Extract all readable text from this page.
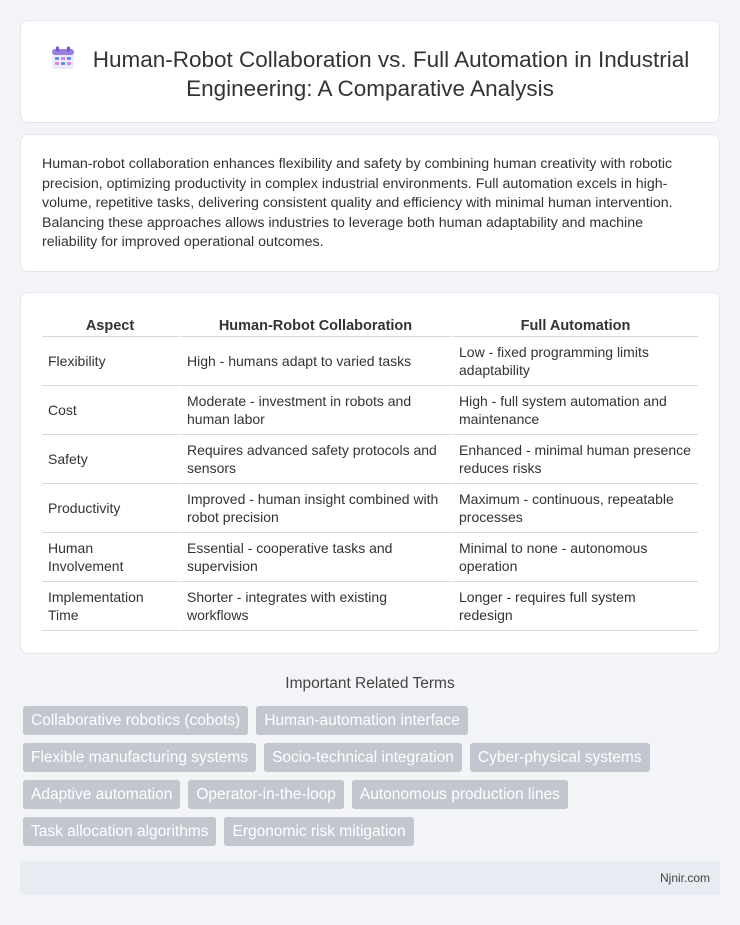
Human-Robot Collaboration vs. Full Automation in Industrial Engineering: A Comparative Analysis

Human-robot collaboration enhances flexibility and safety by combining human creativity with robotic precision, optimizing productivity in complex industrial environments. Full automation excels in high-volume, repetitive tasks, delivering consistent quality and efficiency with minimal human intervention. Balancing these approaches allows industries to leverage both human adaptability and machine reliability for improved operational outcomes.

Aspect	Human-Robot Collaboration	Full Automation
Flexibility	High - humans adapt to varied tasks	Low - fixed programming limits adaptability
Cost	Moderate - investment in robots and human labor	High - full system automation and maintenance
Safety	Requires advanced safety protocols and sensors	Enhanced - minimal human presence reduces risks
Productivity	Improved - human insight combined with robot precision	Maximum - continuous, repeatable processes
Human Involvement	Essential - cooperative tasks and supervision	Minimal to none - autonomous operation
Implementation Time	Shorter - integrates with existing workflows	Longer - requires full system redesign
Important Related Terms
Collaborative robotics (cobots)	Human-automation interface
Flexible manufacturing systems	Socio-technical integration	Cyber-physical systems
Adaptive automation	Operator-in-the-loop	Autonomous production lines
Task allocation algorithms	Ergonomic risk mitigation
Njnir.com
